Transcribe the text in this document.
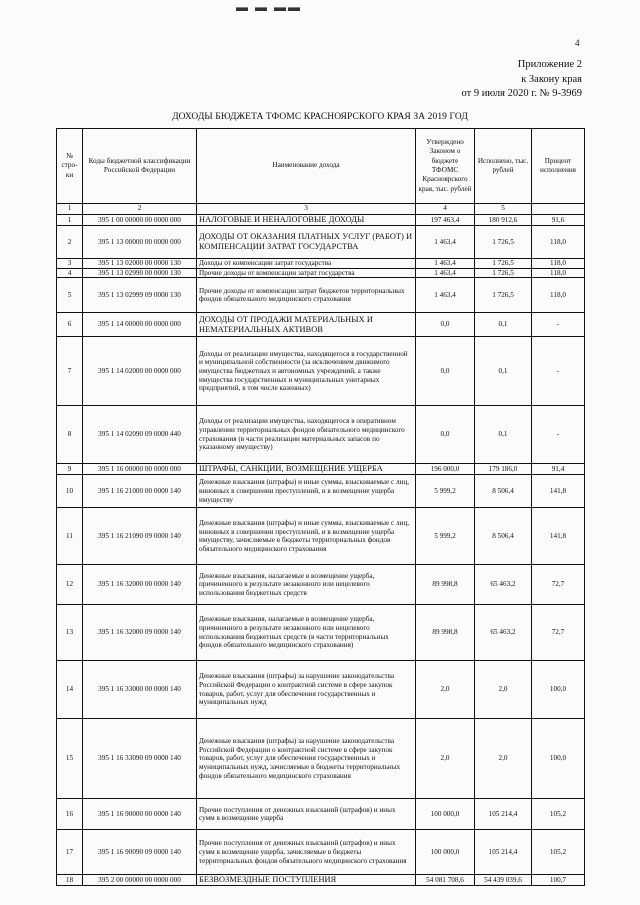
▬ ▬ ▬▬
4
Приложение 2
к Закону края
от 9 июля 2020 г. № 9-3969
ДОХОДЫ БЮДЖЕТА ТФОМС КРАСНОЯРСКОГО КРАЯ ЗА 2019 ГОД
№ стро-ки	Коды бюджетной классификации Российской Федерации	Наименование дохода	Утверждено Законом о бюджете ТФОМС Красноярского края, тыс. рублей	Исполнено, тыс. рублей	Процент исполнения
1	2	3	4	5	
1	395 1 00 00000 00 0000 000	НАЛОГОВЫЕ И НЕНАЛОГОВЫЕ ДОХОДЫ	197 463,4	180 912,6	91,6
2	395 1 13 00000 00 0000 000	ДОХОДЫ ОТ ОКАЗАНИЯ ПЛАТНЫХ УСЛУГ (РАБОТ) И КОМПЕНСАЦИИ ЗАТРАТ ГОСУДАРСТВА	1 463,4	1 726,5	118,0
3	395 1 13 02000 00 0000 130	Доходы от компенсации затрат государства	1 463,4	1 726,5	118,0
4	395 1 13 02990 00 0000 130	Прочие доходы от компенсации затрат государства	1 463,4	1 726,5	118,0
5	395 1 13 02999 09 0000 130	Прочие доходы от компенсации затрат бюджетов территориальных фондов обязательного медицинского страхования	1 463,4	1 726,5	118,0
6	395 1 14 00000 00 0000 000	ДОХОДЫ ОТ ПРОДАЖИ МАТЕРИАЛЬНЫХ И НЕМАТЕРИАЛЬНЫХ АКТИВОВ	0,0	0,1	-
7	395 1 14 02000 00 0000 000	Доходы от реализации имущества, находящегося в государственной и муниципальной собственности (за исключением движимого имущества бюджетных и автономных учреждений, а также имущества государственных и муниципальных унитарных предприятий, в том числе казенных)	0,0	0,1	-
8	395 1 14 02090 09 0000 440	Доходы от реализации имущества, находящегося в оперативном управлении территориальных фондов обязательного медицинского страхования (в части реализации материальных запасов по указанному имуществу)	0,0	0,1	-
9	395 1 16 00000 00 0000 000	ШТРАФЫ, САНКЦИИ, ВОЗМЕЩЕНИЕ УЩЕРБА	196 000,0	179 186,0	91,4
10	395 1 16 21000 00 0000 140	Денежные взыскания (штрафы) и иные суммы, взыскиваемые с лиц, виновных в совершении преступлений, и в возмещение ущерба имуществу	5 999,2	8 506,4	141,8
11	395 1 16 21090 09 0000 140	Денежные взыскания (штрафы) и иные суммы, взыскиваемые с лиц, виновных в совершении преступлений, и в возмещение ущерба имуществу, зачисляемые в бюджеты территориальных фондов обязательного медицинского страхования	5 999,2	8 506,4	141,8
12	395 1 16 32000 00 0000 140	Денежные взыскания, налагаемые в возмещение ущерба, причиненного в результате незаконного или нецелевого использования бюджетных средств	89 998,8	65 463,2	72,7
13	395 1 16 32000 09 0000 140	Денежные взыскания, налагаемые в возмещение ущерба, причиненного в результате незаконного или нецелевого использования бюджетных средств (в части территориальных фондов обязательного медицинского страхования)	89 998,8	65 463,2	72,7
14	395 1 16 33000 00 0000 140	Денежные взыскания (штрафы) за нарушение законодательства Российской Федерации о контрактной системе в сфере закупок товаров, работ, услуг для обеспечения государственных и муниципальных нужд	2,0	2,0	100,0
15	395 1 16 33090 09 0000 140	Денежные взыскания (штрафы) за нарушение законодательства Российской Федерации о контрактной системе в сфере закупок товаров, работ, услуг для обеспечения государственных и муниципальных нужд, зачисляемые в бюджеты территориальных фондов обязательного медицинского страхования	2,0	2,0	100,0
16	395 1 16 90000 00 0000 140	Прочие поступления от денежных взысканий (штрафов) и иных сумм в возмещение ущерба	100 000,0	105 214,4	105,2
17	395 1 16 90090 09 0000 140	Прочие поступления от денежных взысканий (штрафов) и иных сумм в возмещение ущерба, зачисляемые в бюджеты территориальных фондов обязательного медицинского страхования	100 000,0	105 214,4	105,2
18	395 2 00 00000 00 0000 000	БЕЗВОЗМЕЗДНЫЕ ПОСТУПЛЕНИЯ	54 081 708,6	54 439 039,6	100,7
